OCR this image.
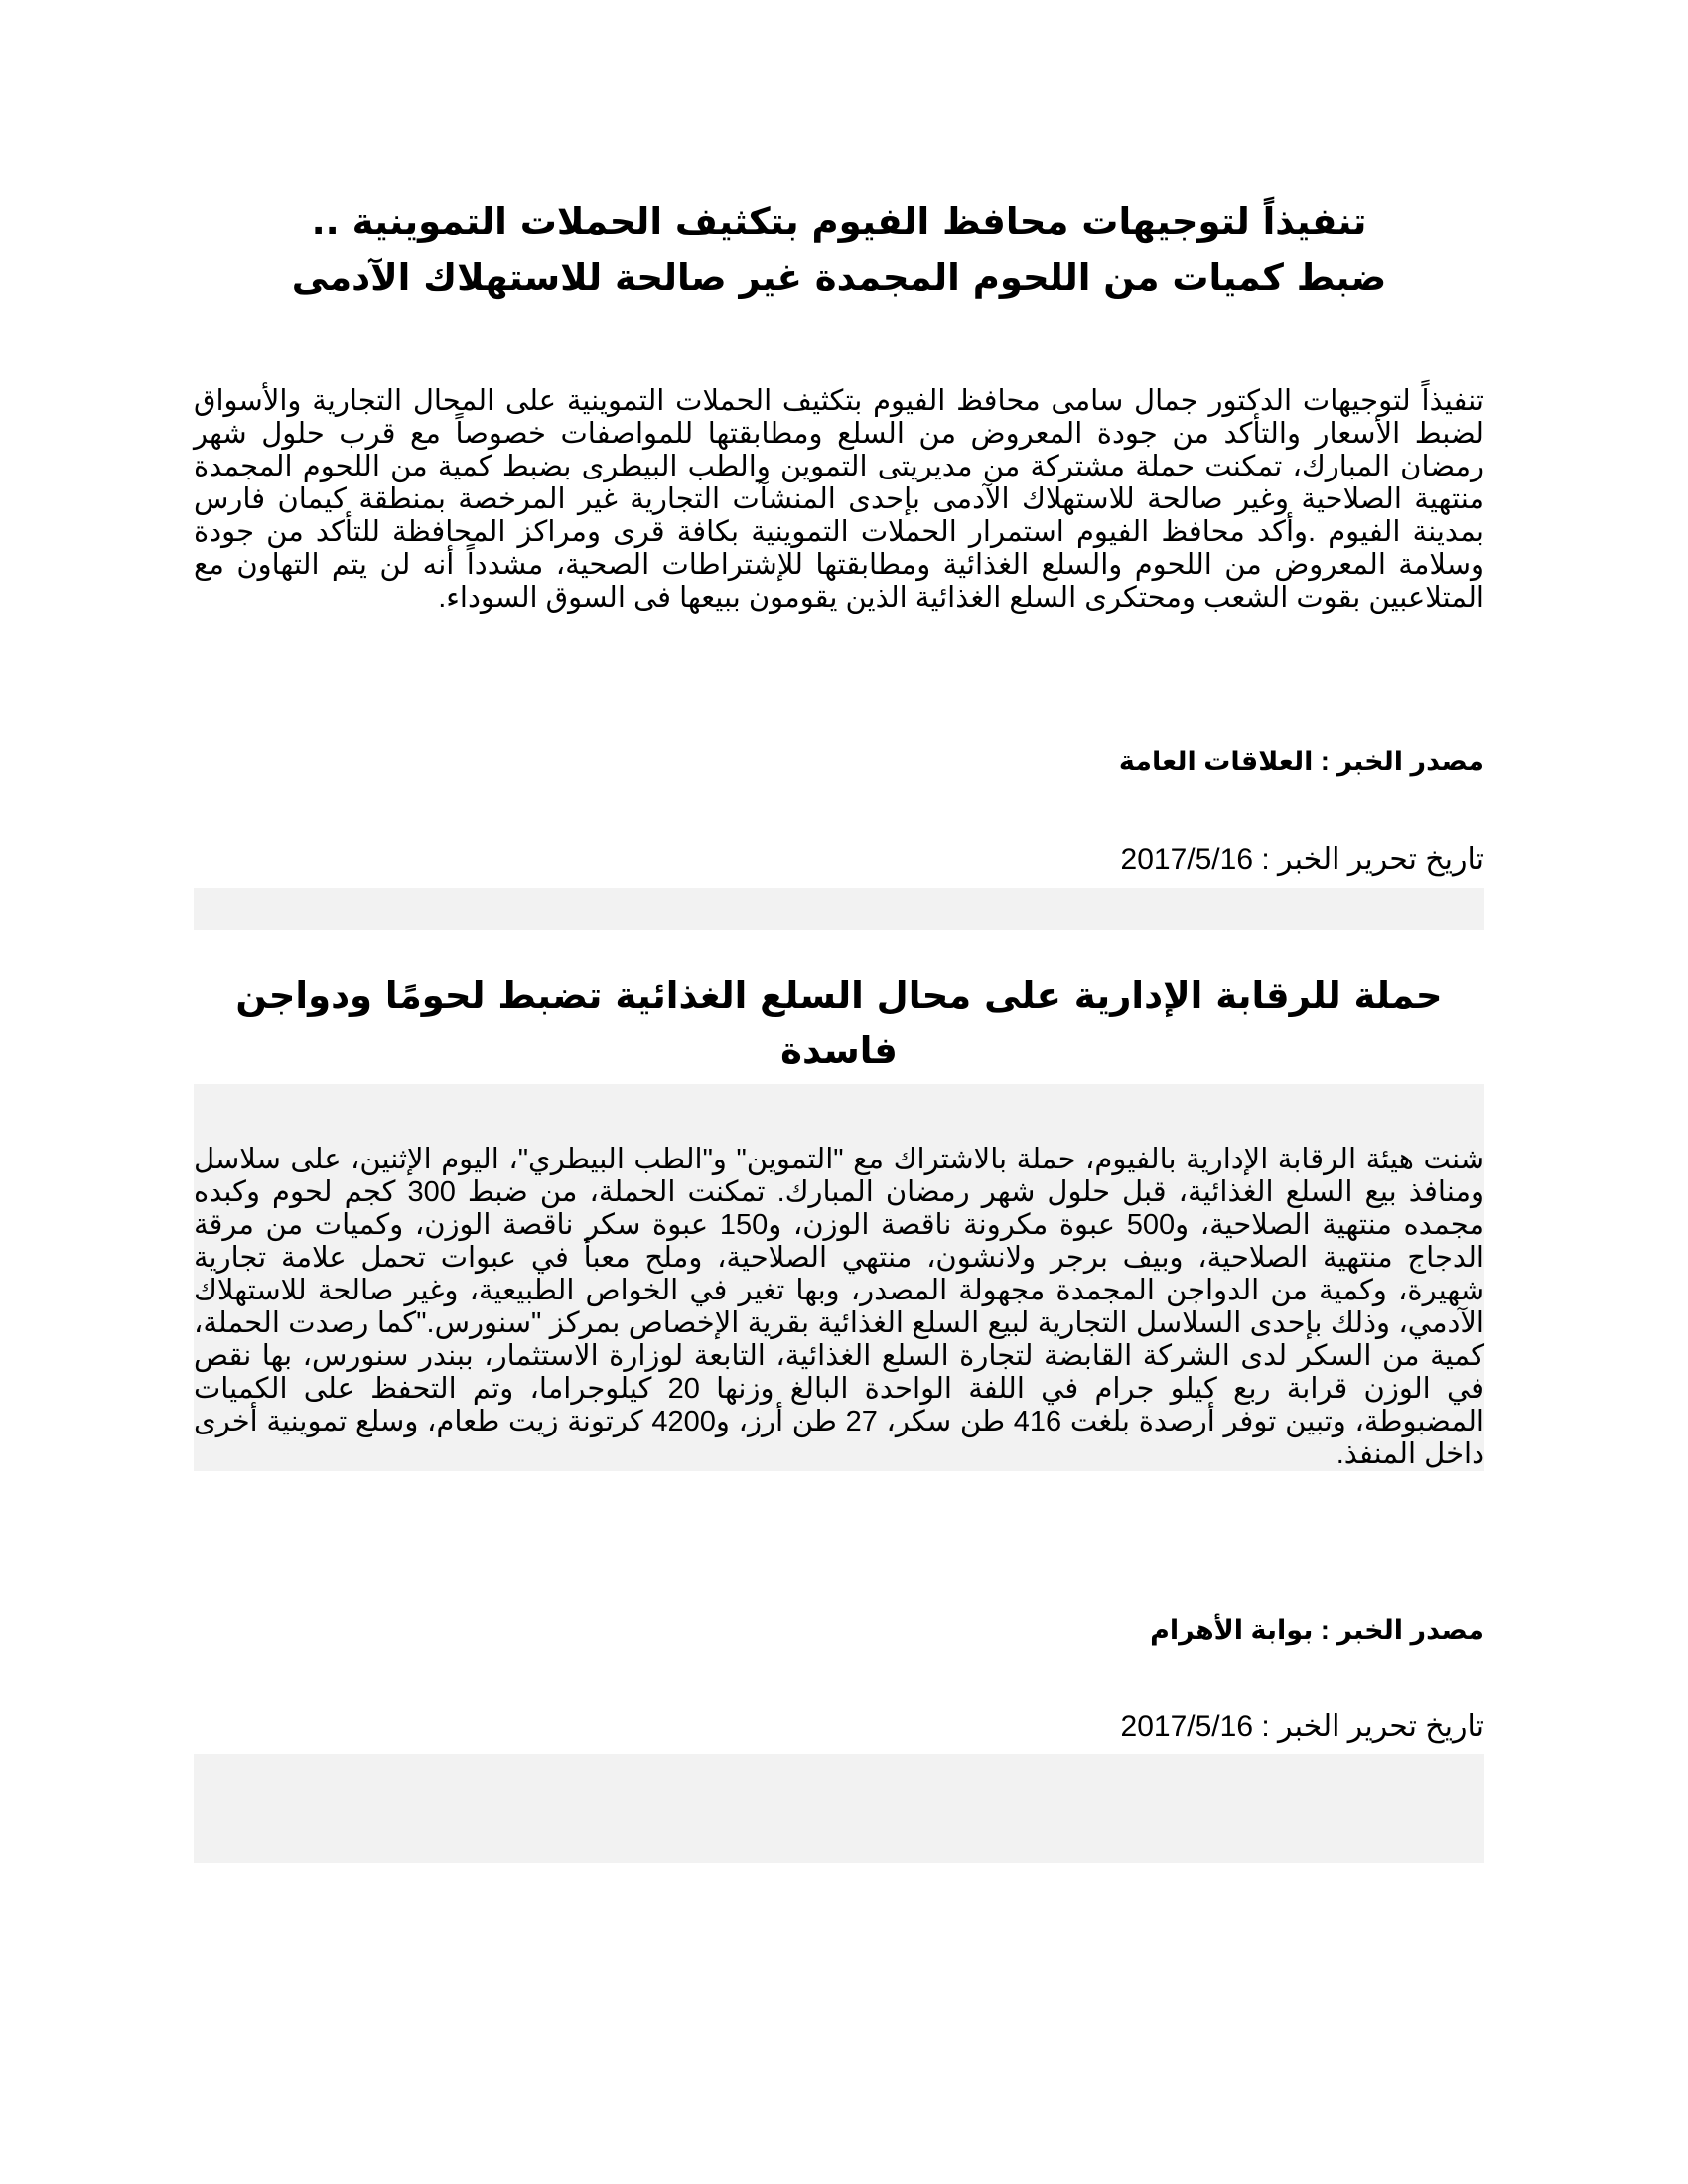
تنفيذاً لتوجيهات محافظ الفيوم بتكثيف الحملات التموينية ..
ضبط كميات من اللحوم المجمدة غير صالحة للاستهلاك الآدمى

تنفيذاً لتوجيهات الدكتور جمال سامى محافظ الفيوم بتكثيف الحملات التموينية على المحال التجارية والأسواق لضبط الأسعار والتأكد من جودة المعروض من السلع ومطابقتها للمواصفات خصوصاً مع قرب حلول شهر رمضان المبارك، تمكنت حملة مشتركة من مديريتى التموين والطب البيطرى بضبط كمية من اللحوم المجمدة منتهية الصلاحية وغير صالحة للاستهلاك الآدمى بإحدى المنشآت التجارية غير المرخصة بمنطقة كيمان فارس بمدينة الفيوم .وأكد محافظ الفيوم استمرار الحملات التموينية بكافة قرى ومراكز المحافظة للتأكد من جودة وسلامة المعروض من اللحوم والسلع الغذائية ومطابقتها للإشتراطات الصحية، مشدداً أنه لن يتم التهاون مع المتلاعبين بقوت الشعب ومحتكرى السلع الغذائية الذين يقومون ببيعها فى السوق السوداء.

مصدر الخبر : العلاقات العامة

تاريخ تحرير الخبر : 2017/5/16

حملة للرقابة الإدارية على محال السلع الغذائية تضبط لحومًا ودواجن فاسدة

شنت هيئة الرقابة الإدارية بالفيوم، حملة بالاشتراك مع "التموين" و"الطب البيطري"، اليوم الإثنين، على سلاسل ومنافذ بيع السلع الغذائية، قبل حلول شهر رمضان المبارك. تمكنت الحملة، من ضبط 300 كجم لحوم وكبده مجمده منتهية الصلاحية، و500 عبوة مكرونة ناقصة الوزن، و150 عبوة سكر ناقصة الوزن، وكميات من مرقة الدجاج منتهية الصلاحية، وبيف برجر ولانشون، منتهي الصلاحية، وملح معبأ في عبوات تحمل علامة تجارية شهيرة، وكمية من الدواجن المجمدة مجهولة المصدر، وبها تغير في الخواص الطبيعية، وغير صالحة للاستهلاك الآدمي، وذلك بإحدى السلاسل التجارية لبيع السلع الغذائية بقرية الإخصاص بمركز "سنورس."كما رصدت الحملة، كمية من السكر لدى الشركة القابضة لتجارة السلع الغذائية، التابعة لوزارة الاستثمار، ببندر سنورس، بها نقص في الوزن قرابة ربع كيلو جرام في اللفة الواحدة البالغ وزنها 20 كيلوجراما، وتم التحفظ على الكميات المضبوطة، وتبين توفر أرصدة بلغت 416 طن سكر، 27 طن أرز، و4200 كرتونة زيت طعام، وسلع تموينية أخرى داخل المنفذ.

مصدر الخبر : بوابة الأهرام

تاريخ تحرير الخبر : 2017/5/16
